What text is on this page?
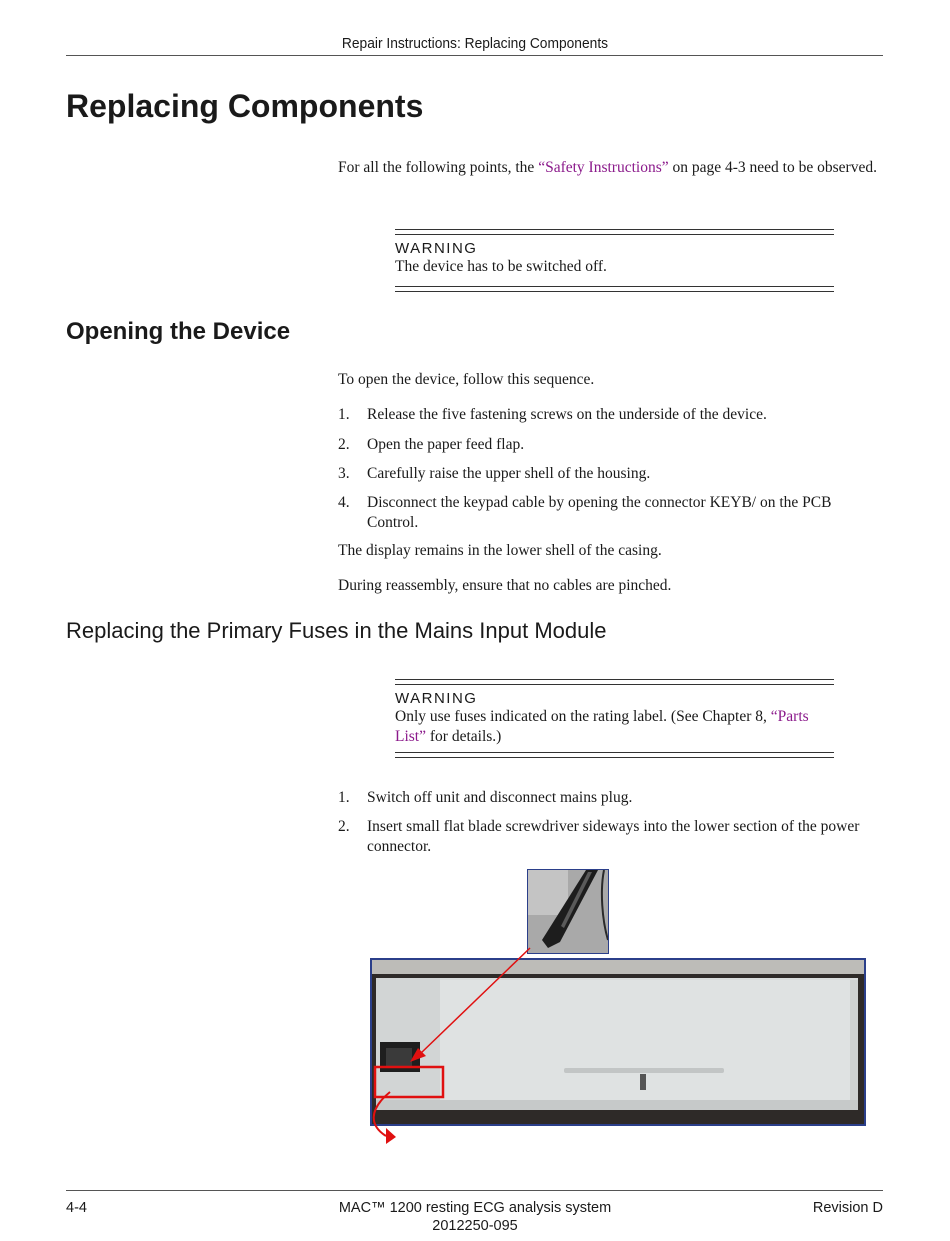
Repair Instructions: Replacing Components
Replacing Components
For all the following points, the “Safety Instructions” on page 4-3 need to be observed.
WARNING
The device has to be switched off.
Opening the Device
To open the device, follow this sequence.
1. Release the five fastening screws on the underside of the device.
2. Open the paper feed flap.
3. Carefully raise the upper shell of the housing.
4. Disconnect the keypad cable by opening the connector KEYB/ on the PCB Control.
The display remains in the lower shell of the casing.
During reassembly, ensure that no cables are pinched.
Replacing the Primary Fuses in the Mains Input Module
WARNING
Only use fuses indicated on the rating label. (See Chapter 8, “Parts List” for details.)
1. Switch off unit and disconnect mains plug.
2. Insert small flat blade screwdriver sideways into the lower section of the power connector.
4-4	MAC™ 1200 resting ECG analysis system
2012250-095
Revision D
